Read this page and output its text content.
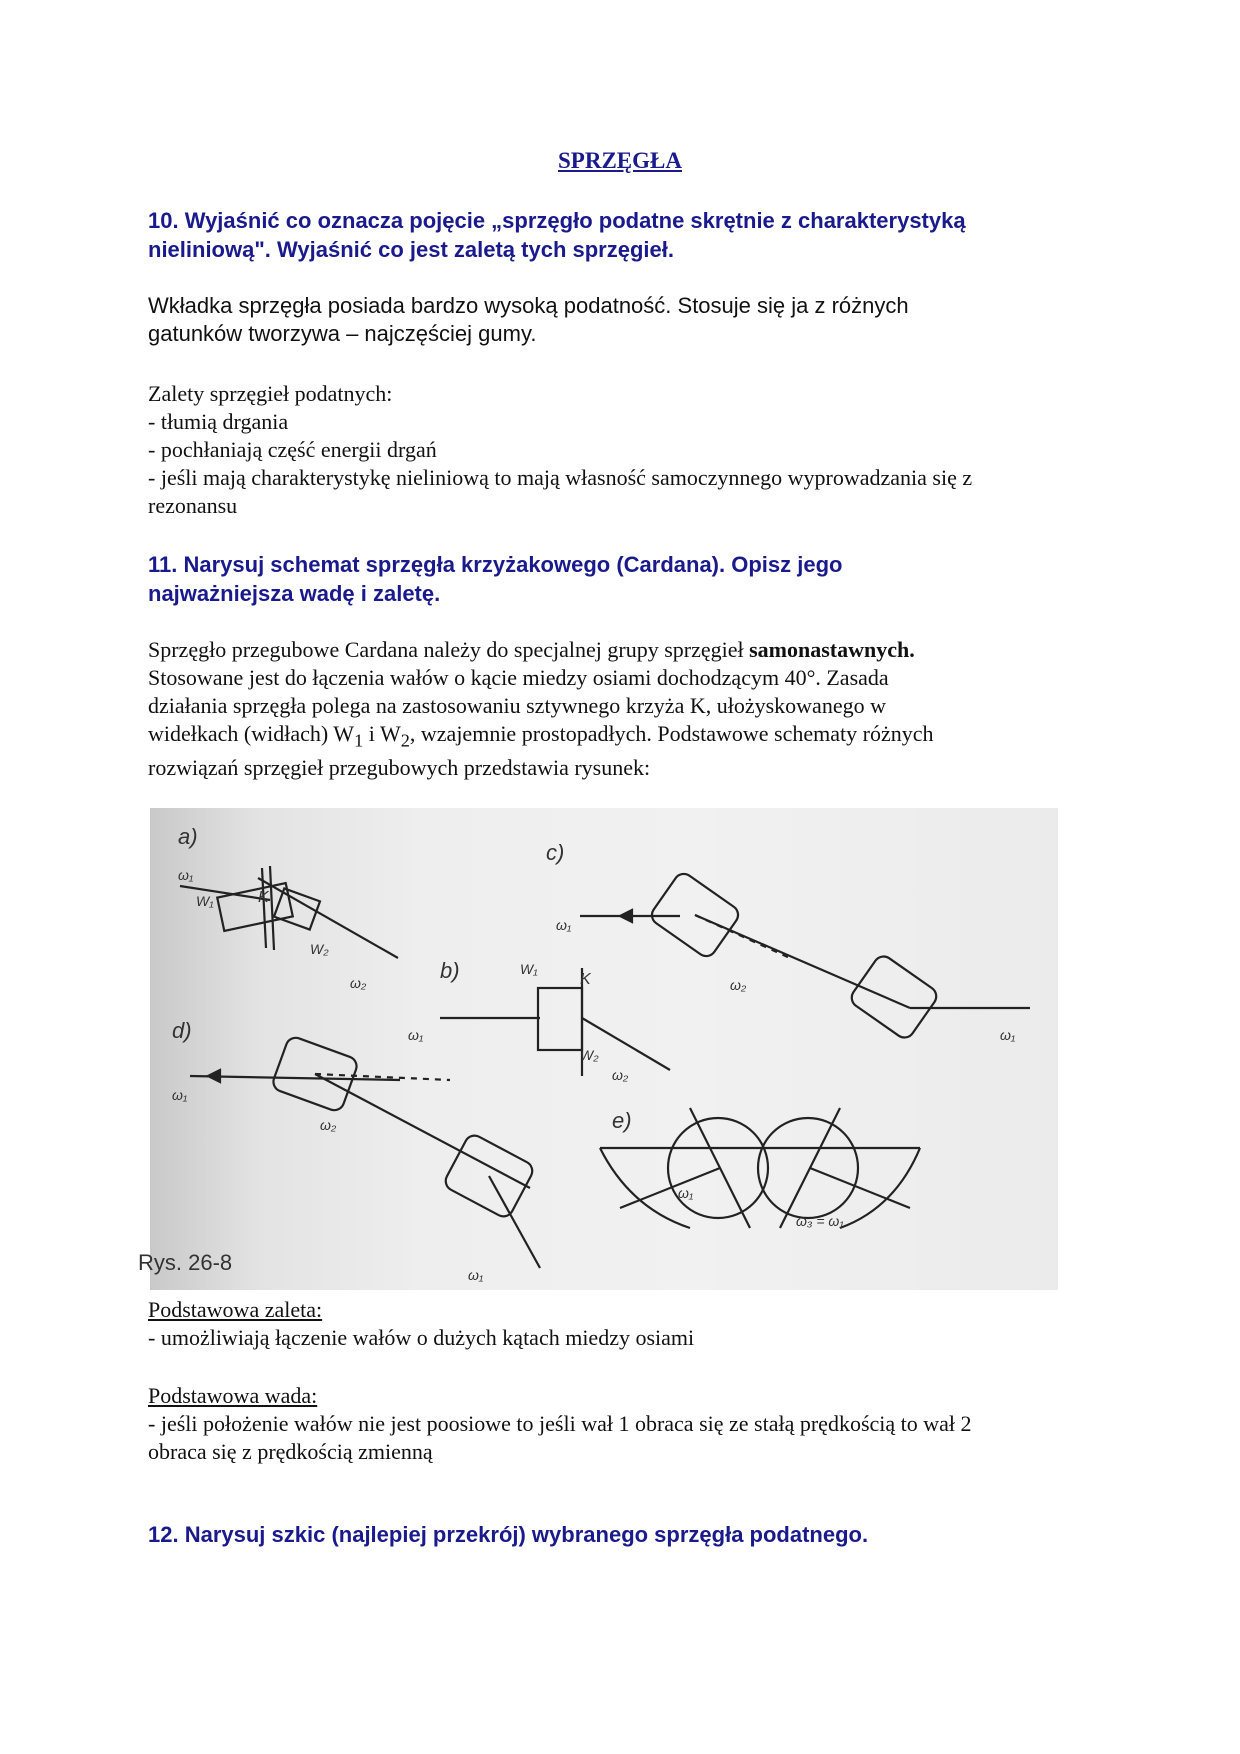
SPRZĘGŁA

10. Wyjaśnić co oznacza pojęcie „sprzęgło podatne skrętnie z charakterystyką

nieliniową". Wyjaśnić co jest zaletą tych sprzęgieł.

Wkładka sprzęgła posiada bardzo wysoką podatność. Stosuje się ja z różnych

gatunków tworzywa – najczęściej gumy.

Zalety sprzęgieł podatnych:

- tłumią drgania

- pochłaniają część energii drgań

- jeśli mają charakterystykę nieliniową to mają własność samoczynnego wyprowadzania się z

rezonansu

11. Narysuj schemat sprzęgła krzyżakowego (Cardana). Opisz jego

najważniejsza wadę i zaletę.

Sprzęgło przegubowe Cardana należy do specjalnej grupy sprzęgieł samonastawnych.

Stosowane jest do łączenia wałów o kącie miedzy osiami dochodzącym 40°. Zasada

działania sprzęgła polega na zastosowaniu sztywnego krzyża K, ułożyskowanego w

widełkach (widłach) $W_1$ i $W_2$, wzajemnie prostopadłych. Podstawowe schematy różnych

rozwiązań sprzęgieł przegubowych przedstawia rysunek:

a)
c)
b)
d)
e)
ω₁
W₁	K
W₂
ω₂
ω₁
ω₂
ω₁
W₁
K
ω₁
W₂
ω₂
ω₁
ω₂
ω₁
ω₁
ω₃ = ω₁
Rys. 26-8

Podstawowa zaleta:

- umożliwiają łączenie wałów o dużych kątach miedzy osiami

Podstawowa wada:

- jeśli położenie wałów nie jest poosiowe to jeśli wał 1 obraca się ze stałą prędkością to wał 2

obraca się z prędkością zmienną

12. Narysuj szkic (najlepiej przekrój) wybranego sprzęgła podatnego.
